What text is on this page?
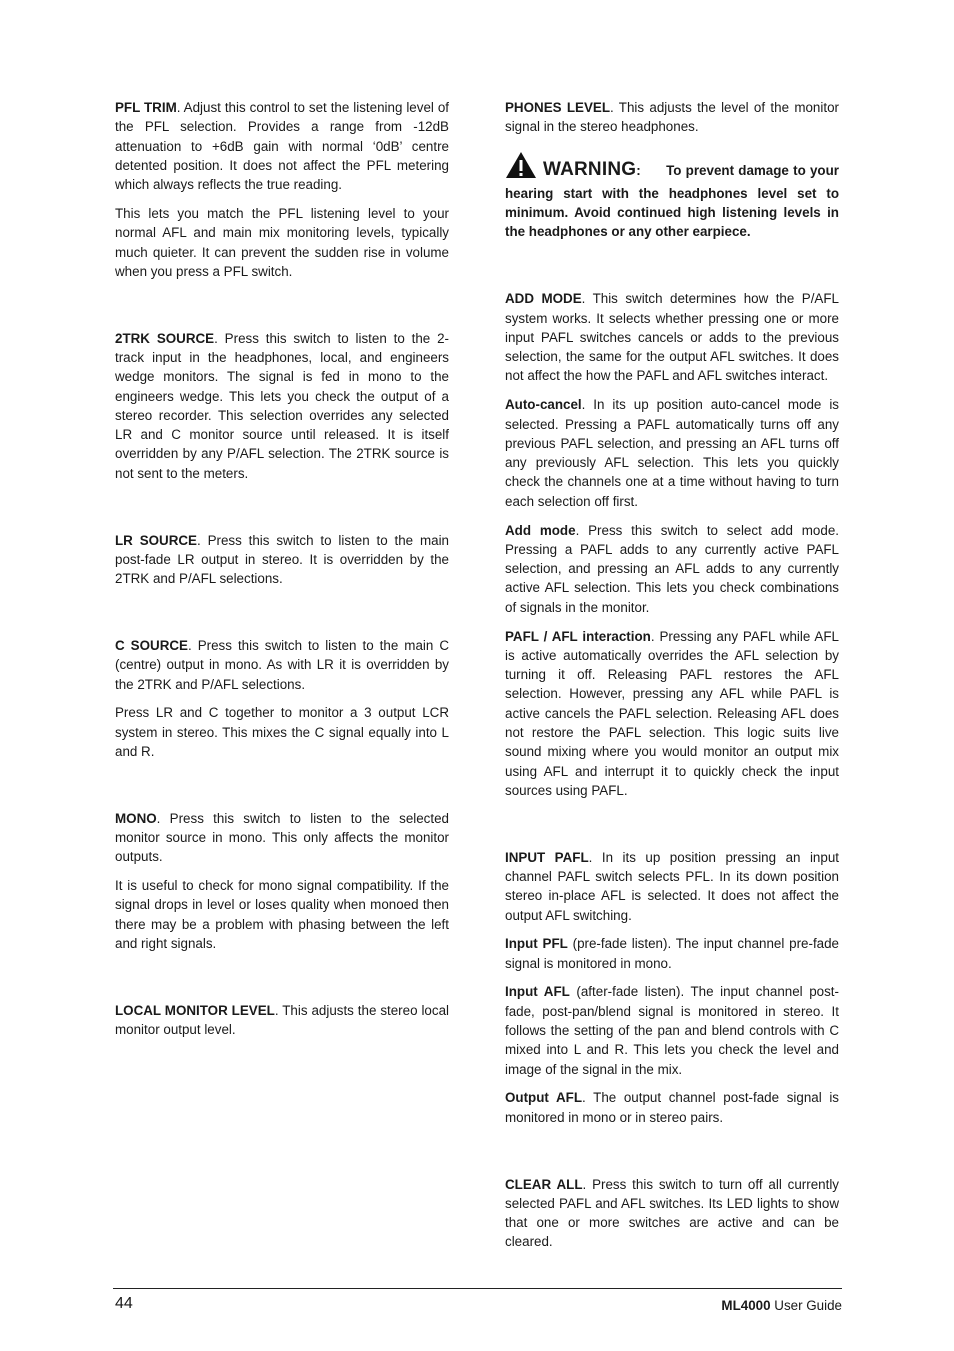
PFL TRIM. Adjust this control to set the listening level of the PFL selection. Provides a range from -12dB attenuation to +6dB gain with normal ‘0dB’ centre detented position. It does not affect the PFL metering which always reflects the true reading.

This lets you match the PFL listening level to your normal AFL and main mix monitoring levels, typically much quieter. It can prevent the sudden rise in volume when you press a PFL switch.

2TRK SOURCE. Press this switch to listen to the 2-track input in the headphones, local, and engineers wedge monitors. The signal is fed in mono to the engineers wedge. This lets you check the output of a stereo recorder. This selection overrides any selected LR and C monitor source until released. It is itself overridden by any P/AFL selection. The 2TRK source is not sent to the meters.

LR SOURCE. Press this switch to listen to the main post-fade LR output in stereo. It is overridden by the 2TRK and P/AFL selections.

C SOURCE. Press this switch to listen to the main C (centre) output in mono. As with LR it is overridden by the 2TRK and P/AFL selections.

Press LR and C together to monitor a 3 output LCR system in stereo. This mixes the C signal equally into L and R.

MONO. Press this switch to listen to the selected monitor source in mono. This only affects the monitor outputs.

It is useful to check for mono signal compatibility. If the signal drops in level or loses quality when monoed then there may be a problem with phasing between the left and right signals.

LOCAL MONITOR LEVEL. This adjusts the stereo local monitor output level.

PHONES LEVEL. This adjusts the level of the monitor signal in the stereo headphones.

WARNING: To prevent damage to your hearing start with the headphones level set to minimum. Avoid continued high listening levels in the headphones or any other earpiece.

ADD MODE. This switch determines how the P/AFL system works. It selects whether pressing one or more input PAFL switches cancels or adds to the previous selection, the same for the output AFL switches. It does not affect the how the PAFL and AFL switches interact.

Auto-cancel. In its up position auto-cancel mode is selected. Pressing a PAFL automatically turns off any previous PAFL selection, and pressing an AFL turns off any previously AFL selection. This lets you quickly check the channels one at a time without having to turn each selection off first.

Add mode. Press this switch to select add mode. Pressing a PAFL adds to any currently active PAFL selection, and pressing an AFL adds to any currently active AFL selection. This lets you check combinations of signals in the monitor.

PAFL / AFL interaction. Pressing any PAFL while AFL is active automatically overrides the AFL selection by turning it off. Releasing PAFL restores the AFL selection. However, pressing any AFL while PAFL is active cancels the PAFL selection. Releasing AFL does not restore the PAFL selection. This logic suits live sound mixing where you would monitor an output mix using AFL and interrupt it to quickly check the input sources using PAFL.

INPUT PAFL. In its up position pressing an input channel PAFL switch selects PFL. In its down position stereo in-place AFL is selected. It does not affect the output AFL switching.

Input PFL (pre-fade listen). The input channel pre-fade signal is monitored in mono.

Input AFL (after-fade listen). The input channel post-fade, post-pan/blend signal is monitored in stereo. It follows the setting of the pan and blend controls with C mixed into L and R. This lets you check the level and image of the signal in the mix.

Output AFL. The output channel post-fade signal is monitored in mono or in stereo pairs.

CLEAR ALL. Press this switch to turn off all currently selected PAFL and AFL switches. Its LED lights to show that one or more switches are active and can be cleared.

44	ML4000 User Guide
